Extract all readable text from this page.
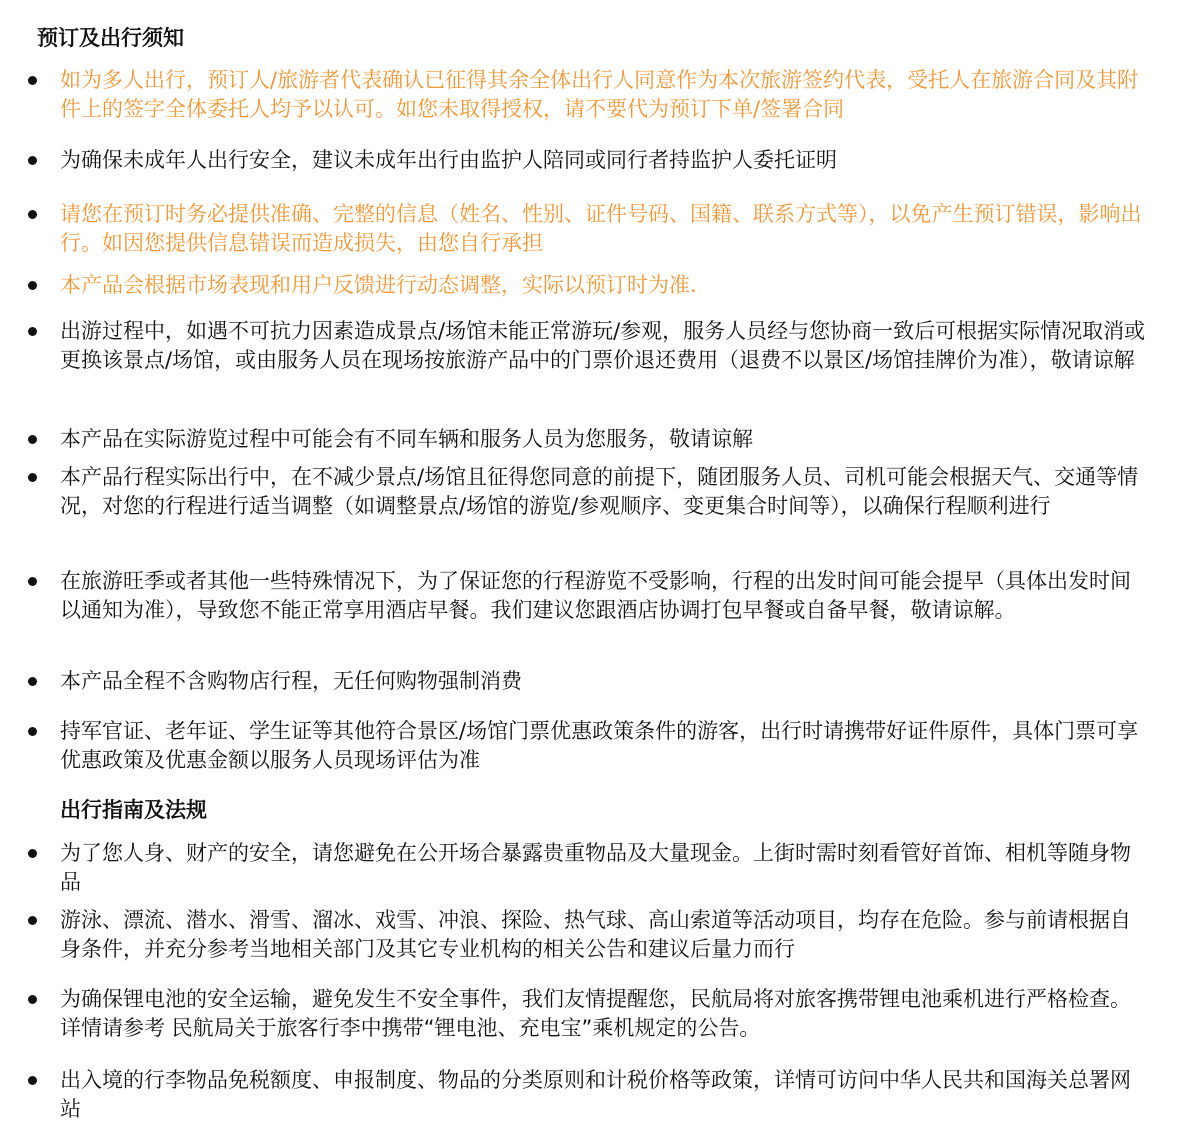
预订及出行须知
如为多人出行，预订人/旅游者代表确认已征得其余全体出行人同意作为本次旅游签约代表，受托人在旅游合同及其附件上的签字全体委托人均予以认可。如您未取得授权，请不要代为预订下单/签署合同
为确保未成年人出行安全，建议未成年出行由监护人陪同或同行者持监护人委托证明
请您在预订时务必提供准确、完整的信息（姓名、性别、证件号码、国籍、联系方式等），以免产生预订错误，影响出行。如因您提供信息错误而造成损失，由您自行承担
本产品会根据市场表现和用户反馈进行动态调整，实际以预订时为准.
出游过程中，如遇不可抗力因素造成景点/场馆未能正常游玩/参观，服务人员经与您协商一致后可根据实际情况取消或更换该景点/场馆，或由服务人员在现场按旅游产品中的门票价退还费用（退费不以景区/场馆挂牌价为准），敬请谅解
本产品在实际游览过程中可能会有不同车辆和服务人员为您服务，敬请谅解
本产品行程实际出行中，在不减少景点/场馆且征得您同意的前提下，随团服务人员、司机可能会根据天气、交通等情况，对您的行程进行适当调整（如调整景点/场馆的游览/参观顺序、变更集合时间等），以确保行程顺利进行
在旅游旺季或者其他一些特殊情况下，为了保证您的行程游览不受影响，行程的出发时间可能会提早（具体出发时间以通知为准），导致您不能正常享用酒店早餐。我们建议您跟酒店协调打包早餐或自备早餐，敬请谅解。
本产品全程不含购物店行程，无任何购物强制消费
持军官证、老年证、学生证等其他符合景区/场馆门票优惠政策条件的游客，出行时请携带好证件原件，具体门票可享优惠政策及优惠金额以服务人员现场评估为准
出行指南及法规
为了您人身、财产的安全，请您避免在公开场合暴露贵重物品及大量现金。上街时需时刻看管好首饰、相机等随身物品
游泳、漂流、潜水、滑雪、溜冰、戏雪、冲浪、探险、热气球、高山索道等活动项目，均存在危险。参与前请根据自身条件，并充分参考当地相关部门及其它专业机构的相关公告和建议后量力而行
为确保锂电池的安全运输，避免发生不安全事件，我们友情提醒您，民航局将对旅客携带锂电池乘机进行严格检查。详情请参考 民航局关于旅客行李中携带“锂电池、充电宝”乘机规定的公告。
出入境的行李物品免税额度、申报制度、物品的分类原则和计税价格等政策，详情可访问中华人民共和国海关总署网站
